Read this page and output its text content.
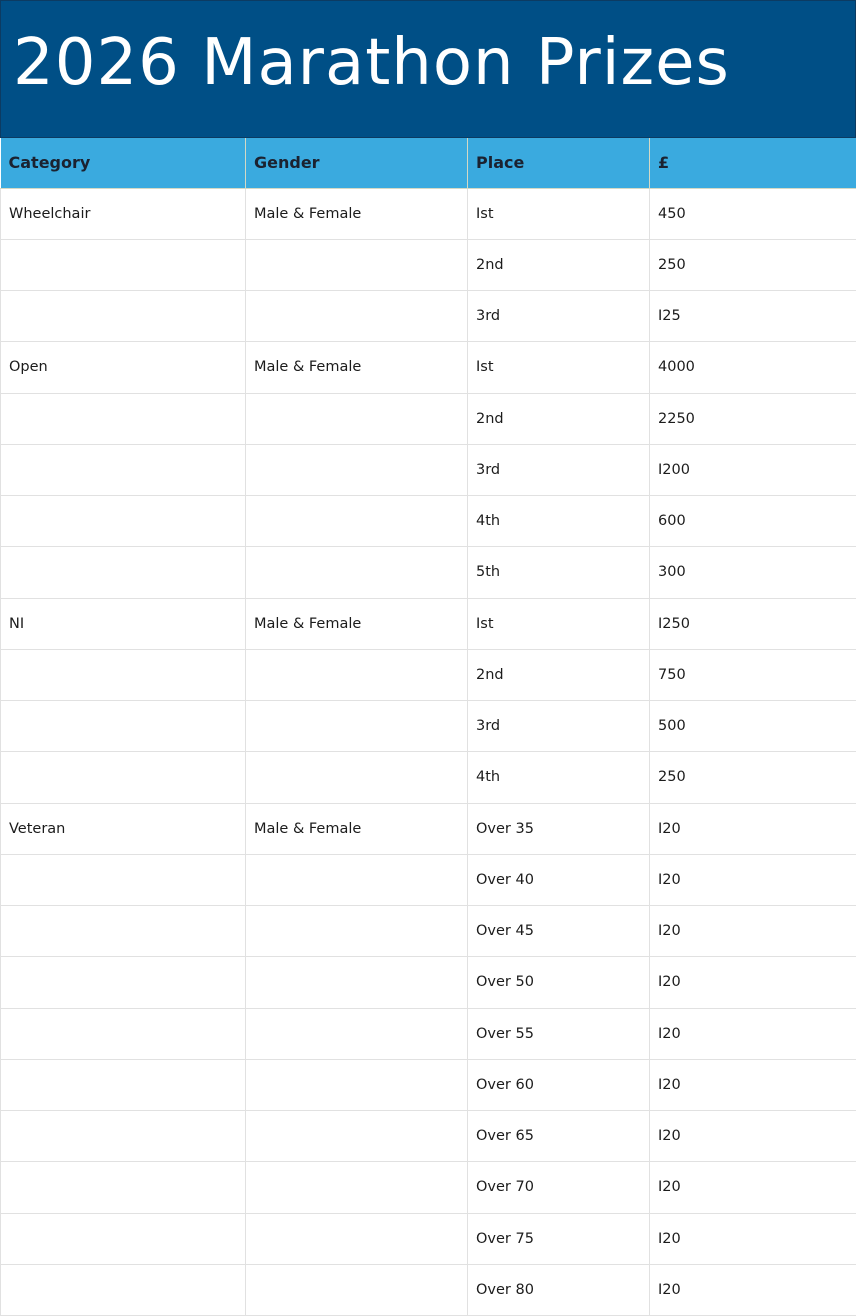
2026 Marathon Prizes
Category	Gender	Place	£
Wheelchair	Male & Female	Ist	450
		2nd	250
		3rd	I25
Open	Male & Female	Ist	4000
		2nd	2250
		3rd	I200
		4th	600
		5th	300
NI	Male & Female	Ist	I250
		2nd	750
		3rd	500
		4th	250
Veteran	Male & Female	Over 35	I20
		Over 40	I20
		Over 45	I20
		Over 50	I20
		Over 55	I20
		Over 60	I20
		Over 65	I20
		Over 70	I20
		Over 75	I20
		Over 80	I20
